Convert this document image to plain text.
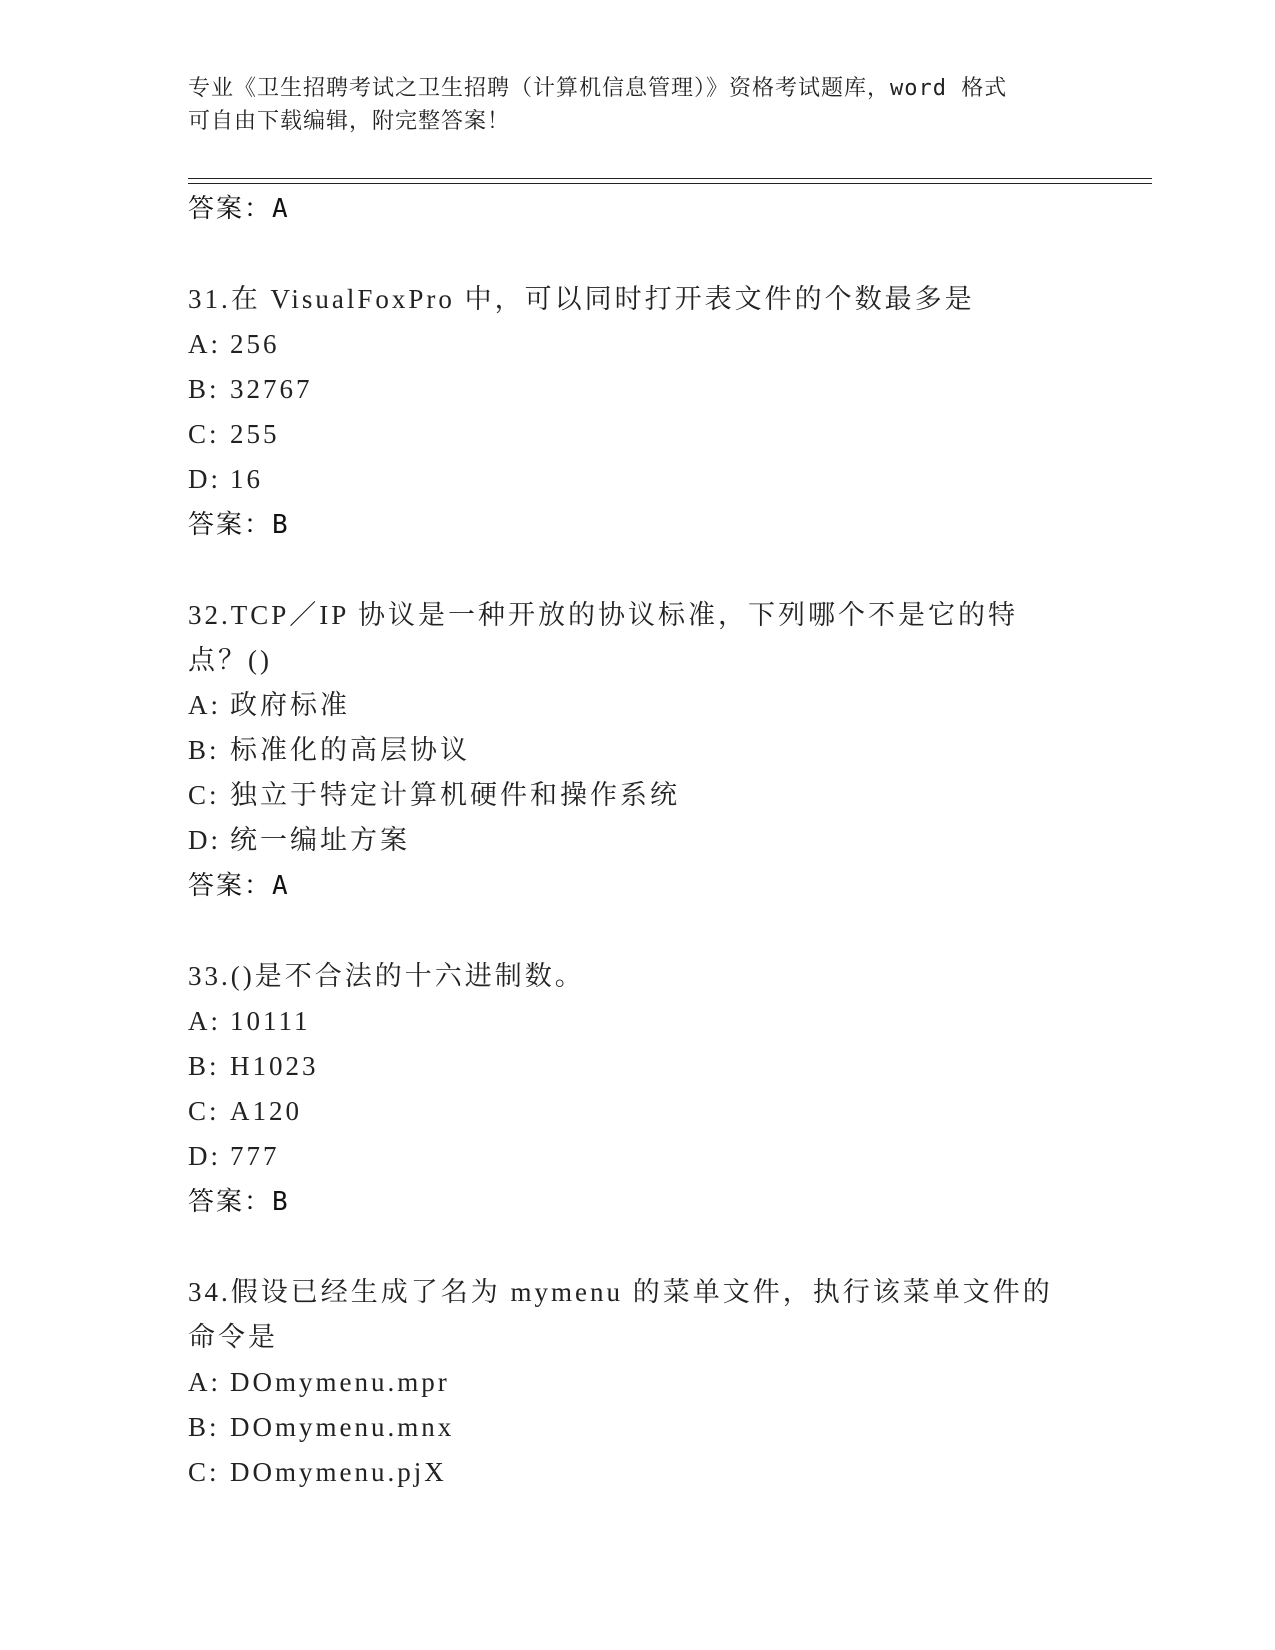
专业《卫生招聘考试之卫生招聘（计算机信息管理）》资格考试题库，word 格式
可自由下载编辑，附完整答案！
答案：A
31.在 VisualFoxPro 中，可以同时打开表文件的个数最多是
A: 256
B: 32767
C: 255
D: 16
答案：B
32.TCP／IP 协议是一种开放的协议标准，下列哪个不是它的特点？()
A: 政府标准
B: 标准化的高层协议
C: 独立于特定计算机硬件和操作系统
D: 统一编址方案
答案：A
33.()是不合法的十六进制数。
A: 10111
B: H1023
C: A120
D: 777
答案：B
34.假设已经生成了名为 mymenu 的菜单文件，执行该菜单文件的命令是
A: DOmymenu.mpr
B: DOmymenu.mnx
C: DOmymenu.pjX
